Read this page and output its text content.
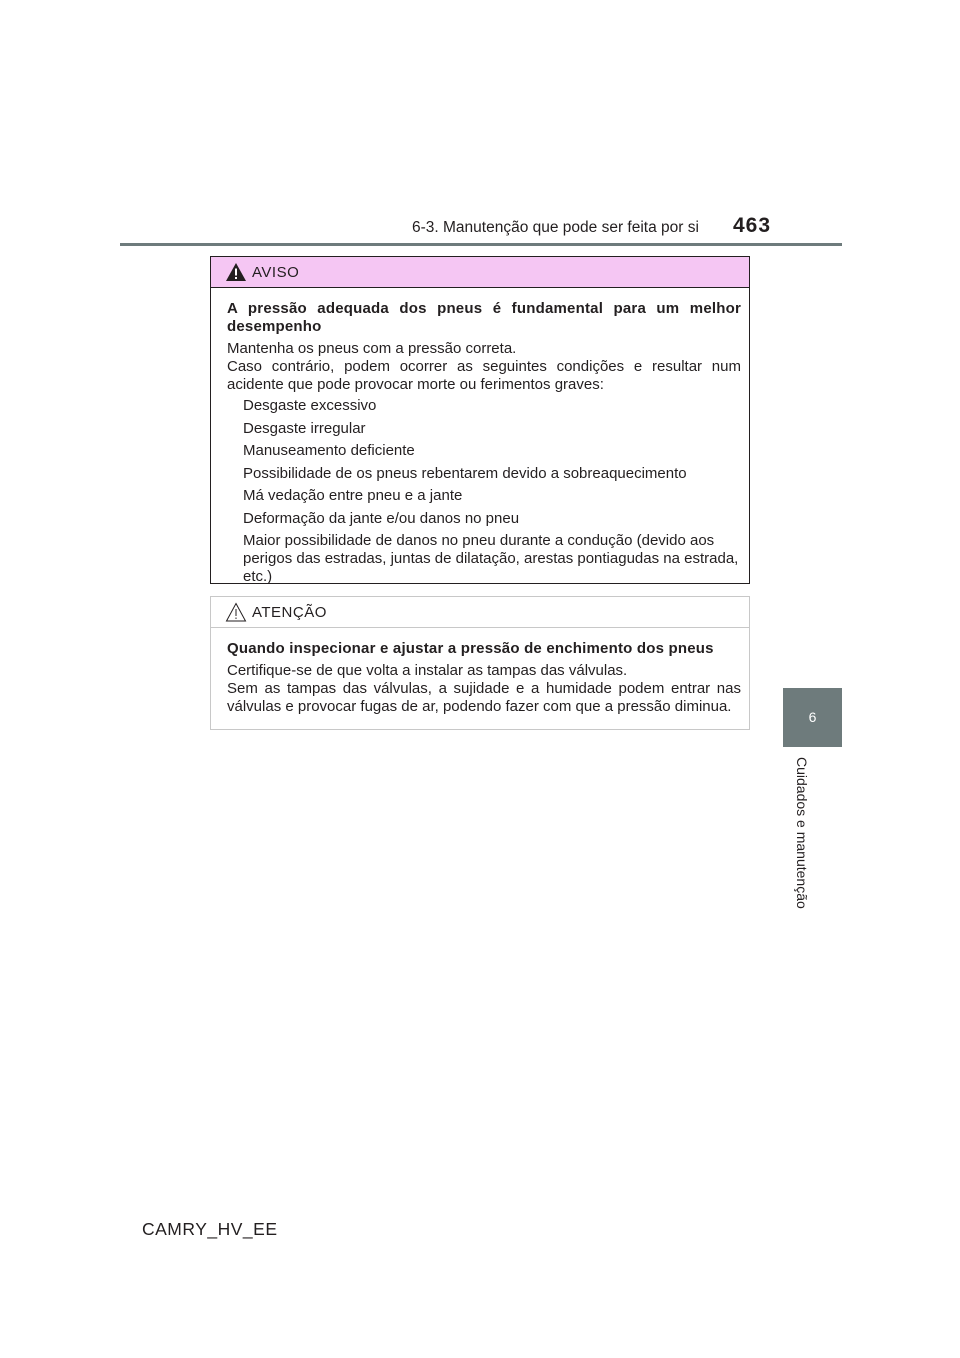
6-3. Manutenção que pode ser feita por si 463
6
Cuidados e manutenção
AVISO

A pressão adequada dos pneus é fundamental para um melhor desempenho

Mantenha os pneus com a pressão correta.

Caso contrário, podem ocorrer as seguintes condições e resultar num acidente que pode provocar morte ou ferimentos graves:

Desgaste excessivo
Desgaste irregular
Manuseamento deficiente
Possibilidade de os pneus rebentarem devido a sobreaquecimento
Má vedação entre pneu e a jante
Deformação da jante e/ou danos no pneu
Maior possibilidade de danos no pneu durante a condução (devido aos perigos das estradas, juntas de dilatação, arestas pontiagudas na estrada, etc.)
ATENÇÃO

Quando inspecionar e ajustar a pressão de enchimento dos pneus

Certifique-se de que volta a instalar as tampas das válvulas.

Sem as tampas das válvulas, a sujidade e a humidade podem entrar nas válvulas e provocar fugas de ar, podendo fazer com que a pressão diminua.

CAMRY_HV_EE
